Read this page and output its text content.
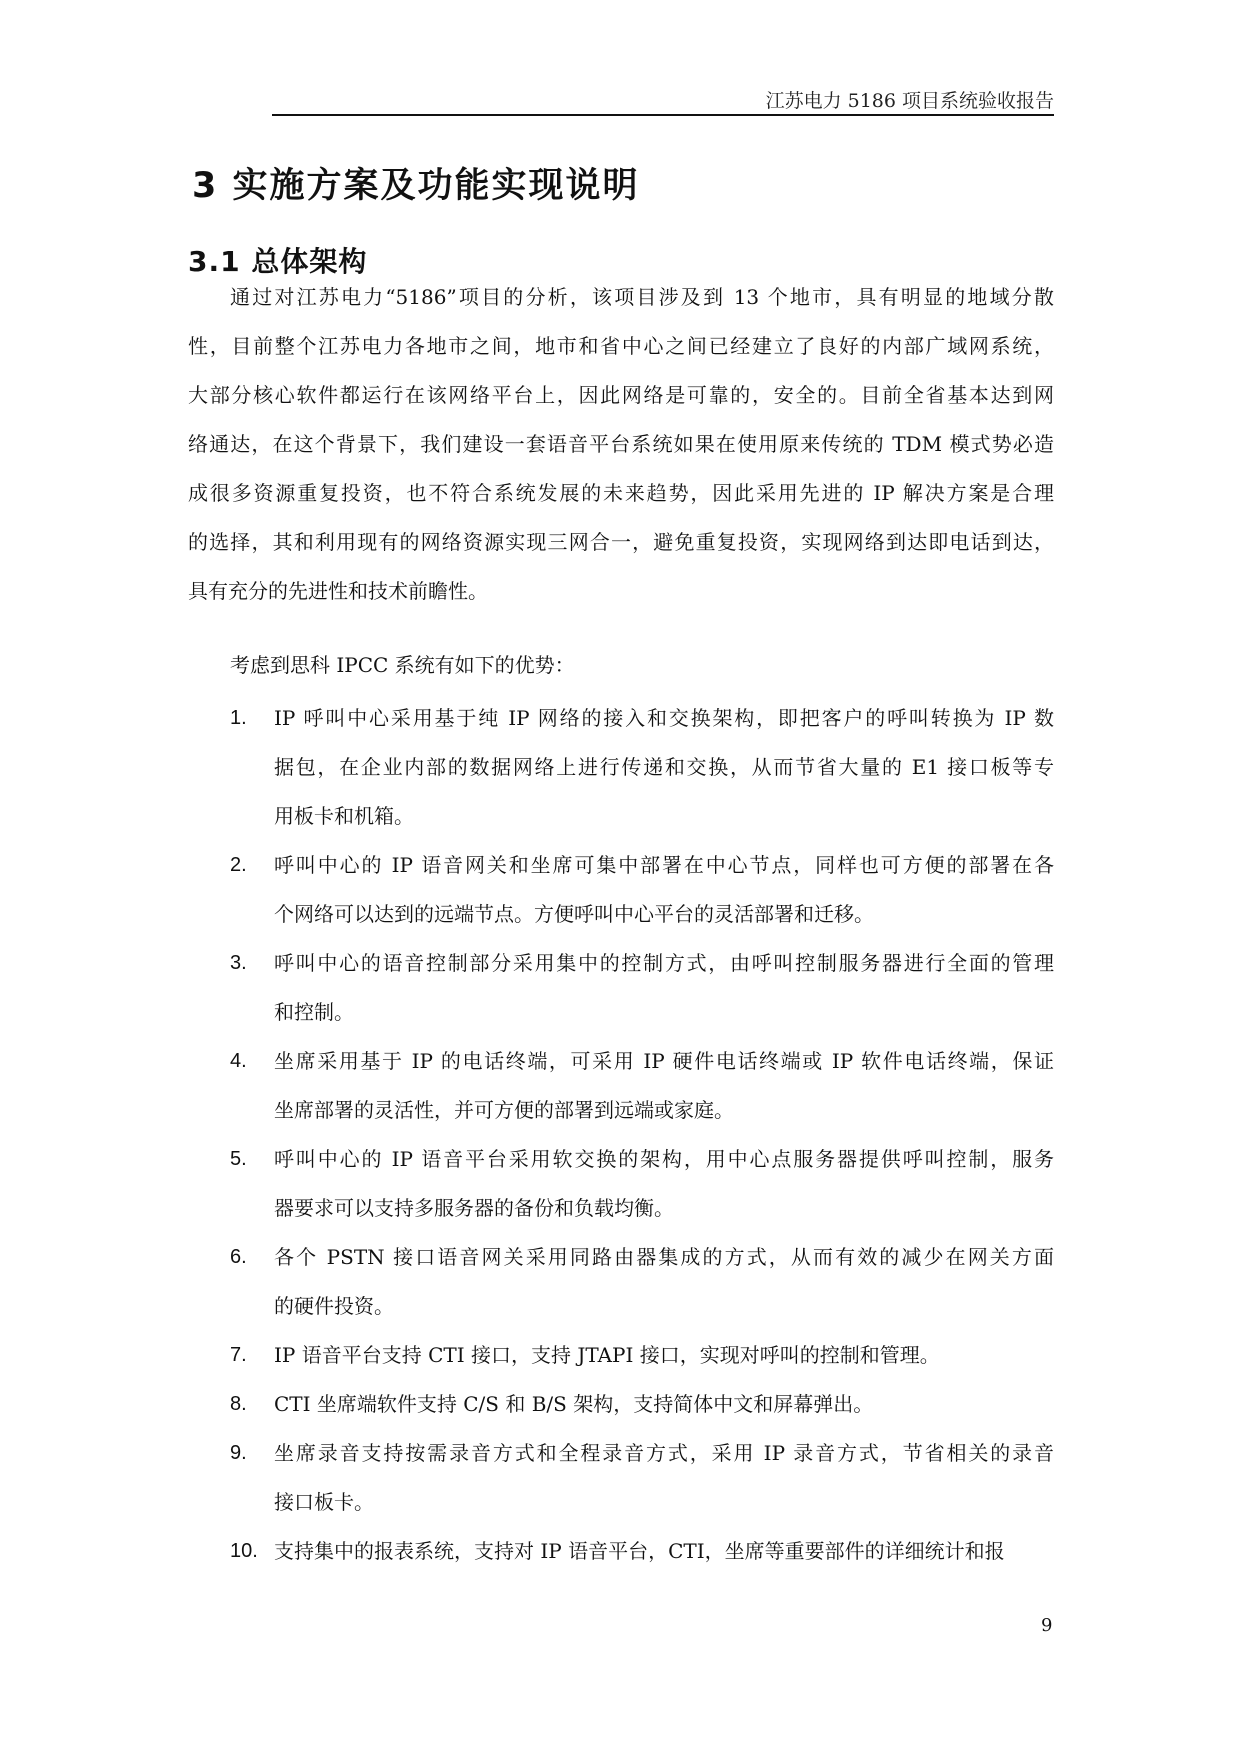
江苏电力 5186 项目系统验收报告
3 实施方案及功能实现说明
3.1 总体架构
通过对江苏电力“5186”项目的分析，该项目涉及到 13 个地市，具有明显的地域分散
性，目前整个江苏电力各地市之间，地市和省中心之间已经建立了良好的内部广域网系统，
大部分核心软件都运行在该网络平台上，因此网络是可靠的，安全的。目前全省基本达到网
络通达，在这个背景下，我们建设一套语音平台系统如果在使用原来传统的 TDM 模式势必造
成很多资源重复投资，也不符合系统发展的未来趋势，因此采用先进的 IP 解决方案是合理
的选择，其和利用现有的网络资源实现三网合一，避免重复投资，实现网络到达即电话到达，
具有充分的先进性和技术前瞻性。
考虑到思科 IPCC 系统有如下的优势：
1.	IP 呼叫中心采用基于纯 IP 网络的接入和交换架构，即把客户的呼叫转换为 IP 数
据包，在企业内部的数据网络上进行传递和交换，从而节省大量的 E1 接口板等专
用板卡和机箱。
2.	呼叫中心的 IP 语音网关和坐席可集中部署在中心节点，同样也可方便的部署在各
个网络可以达到的远端节点。方便呼叫中心平台的灵活部署和迁移。
3.	呼叫中心的语音控制部分采用集中的控制方式，由呼叫控制服务器进行全面的管理
和控制。
4.	坐席采用基于 IP 的电话终端，可采用 IP 硬件电话终端或 IP 软件电话终端，保证
坐席部署的灵活性，并可方便的部署到远端或家庭。
5.	呼叫中心的 IP 语音平台采用软交换的架构，用中心点服务器提供呼叫控制，服务
器要求可以支持多服务器的备份和负载均衡。
6.	各个 PSTN 接口语音网关采用同路由器集成的方式，从而有效的减少在网关方面
的硬件投资。
7.	IP 语音平台支持 CTI 接口，支持 JTAPI 接口，实现对呼叫的控制和管理。
8.	CTI 坐席端软件支持 C/S 和 B/S 架构，支持简体中文和屏幕弹出。
9.	坐席录音支持按需录音方式和全程录音方式，采用 IP 录音方式，节省相关的录音
接口板卡。
10. 支持集中的报表系统，支持对 IP 语音平台，CTI，坐席等重要部件的详细统计和报
9
